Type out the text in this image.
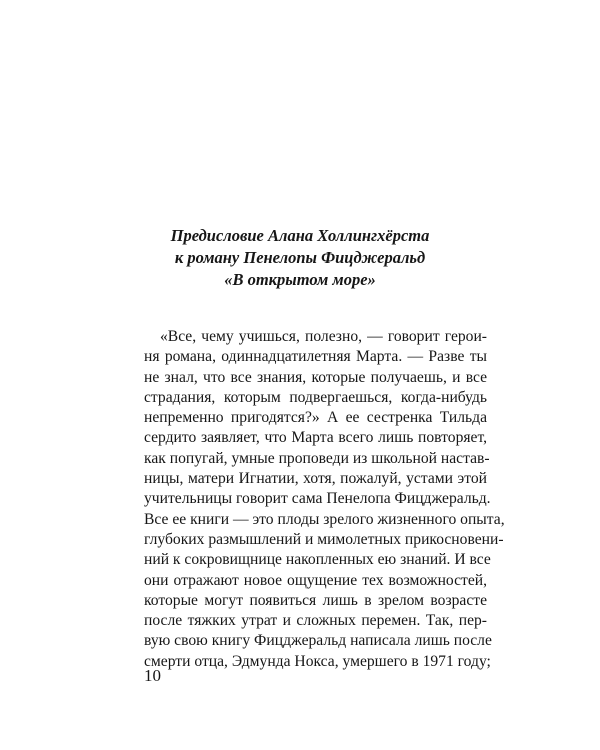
Предисловие Алана Холлингхёрста
к роману Пенелопы Фицджеральд
«В открытом море»
«Все, чему учишься, полезно, — говорит герои-
ня романа, одиннадцатилетняя Марта. — Разве ты
не знал, что все знания, которые получаешь, и все
страдания, которым подвергаешься, когда-нибудь
непременно пригодятся?» А ее сестренка Тильда
сердито заявляет, что Марта всего лишь повторяет,
как попугай, умные проповеди из школьной настав-
ницы, матери Игнатии, хотя, пожалуй, устами этой
учительницы говорит сама Пенелопа Фицджеральд.
Все ее книги — это плоды зрелого жизненного опыта,
глубоких размышлений и мимолетных прикосновени-
ний к сокровищнице накопленных ею знаний. И все
они отражают новое ощущение тех возможностей,
которые могут появиться лишь в зрелом возрасте
после тяжких утрат и сложных перемен. Так, пер-
вую свою книгу Фицджеральд написала лишь после
смерти отца, Эдмунда Нокса, умершего в 1971 году;
10
